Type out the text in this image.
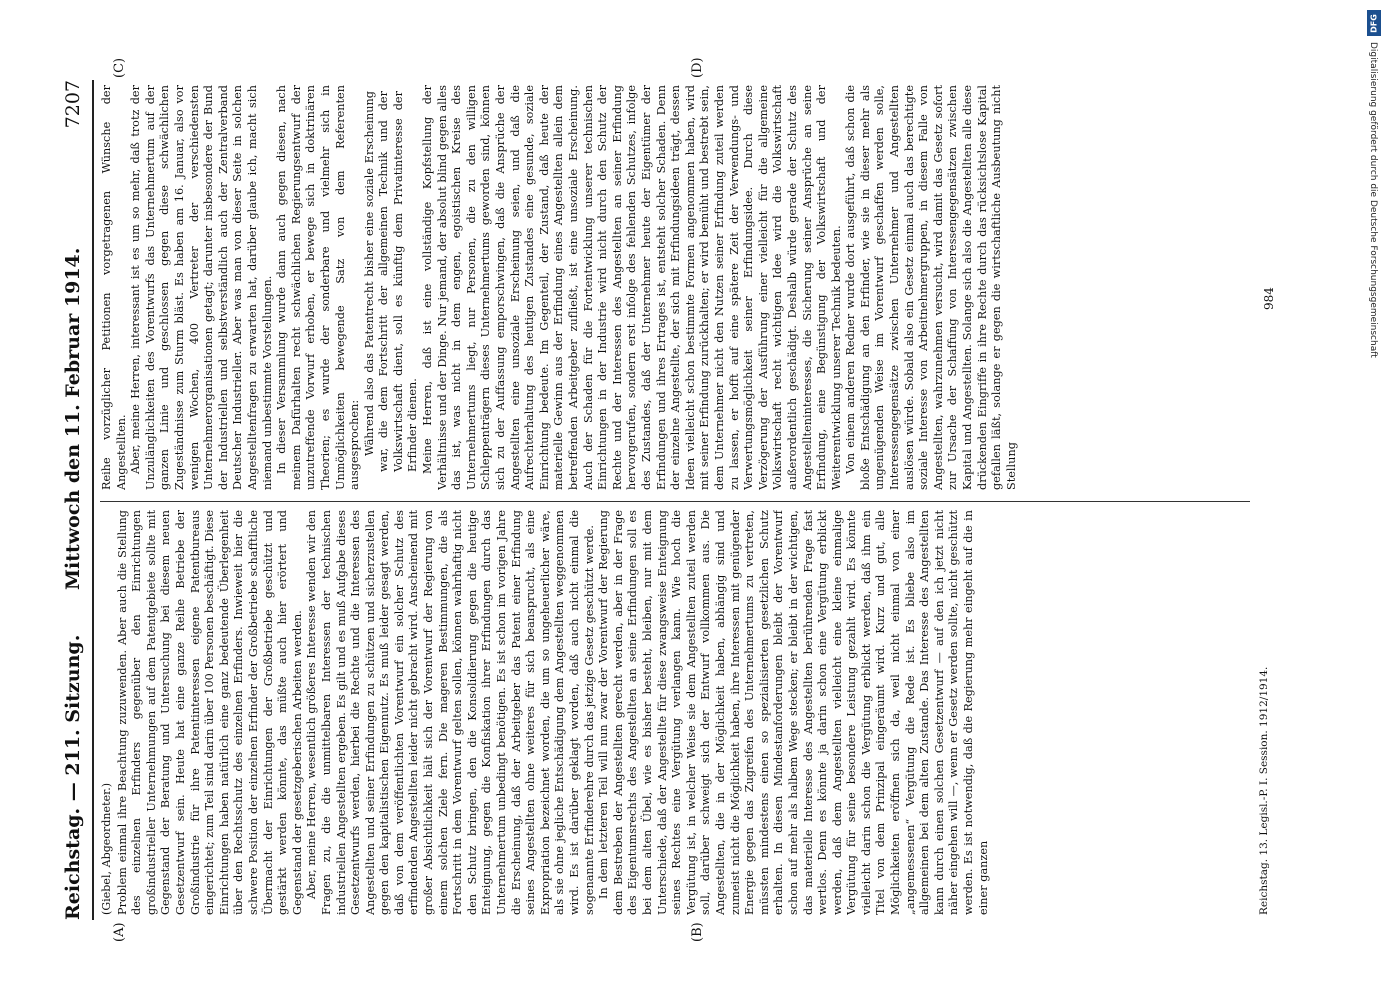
Reichstag. — 211. Sitzung.
Mittwoch den 11. Februar 1914.
7207
(A)	(B)
(C)	(D)
(Giebel, Abgeordneter.) Problem einmal ihre Beachtung zuzuwenden. Aber auch die Stellung des einzelnen Erfinders gegenüber den Einrichtungen großindustrieller Unternehmungen auf dem Patentgebiete sollte mit Gegenstand der Beratung und Untersuchung bei diesem neuen Gesetzentwurf sein. Heute hat eine ganze Reihe Betriebe der Großindustrie für ihre Patentinteressen eigene Patentbureaus eingerichtet; zum Teil sind darin über 100 Personen beschäftigt. Diese Einrichtungen haben natürlich eine ganz bedeutende Überlegenheit über den Rechtsschutz des einzelnen Erfinders. Inwieweit hier die schwere Position der einzelnen Erfinder der Großbetriebe schafftliche Übermacht der Einrichtungen der Großbetriebe geschützt und gestärkt werden könnte, das müßte auch hier erörtert und Gegenstand der gesetzgeberischen Arbeiten werden. Aber, meine Herren, wesentlich größeres Interesse wenden wir den Fragen zu, die die unmittelbaren Interessen der technischen industriellen Angestellten ergeben. Es gilt und es muß Aufgabe dieses Gesetzentwurfs werden, hierbei die Rechte und die Interessen des Angestellten und seiner Erfindungen zu schützen und sicherzustellen gegen den kapitalistischen Eigennutz. Es muß leider gesagt werden, daß von dem veröffentlichten Vorentwurf ein solcher Schutz des erfindenden Angestellten leider nicht gebracht wird. Anscheinend mit großer Absichtlichkeit hält sich der Vorentwurf der Regierung von einem solchen Ziele fern. Die mageren Bestimmungen, die als Fortschritt in dem Vorentwurf gelten sollen, können wahrhaftig nicht den Schutz bringen, den die Konsolidierung gegen die heutige Enteignung, gegen die Konfiskation ihrer Erfindungen durch das Unternehmertum unbedingt benötigen. Es ist schon im vorigen Jahre die Erscheinung, daß der Arbeitgeber das Patent einer Erfindung seines Angestellten ohne weiteres für sich beansprucht, als eine Expropriation bezeichnet worden, die um so ungeheuerlicher wäre, als sie ohne jegliche Entschädigung dem Angestellten weggenommen wird. Es ist darüber geklagt worden, daß auch nicht einmal die sogenannte Erfinderehre durch das jetzige Gesetz geschützt werde. In dem letzteren Teil will nun zwar der Vorentwurf der Regierung dem Bestreben der Angestellten gerecht werden, aber in der Frage des Eigentumsrechts des Angestellten an seine Erfindungen soll es bei dem alten Übel, wie es bisher besteht, bleiben, nur mit dem Unterschiede, daß der Angestellte für diese zwangsweise Enteignung seines Rechtes eine Vergütung verlangen kann. Wie hoch die Vergütung ist, in welcher Weise sie dem Angestellten zuteil werden soll, darüber schweigt sich der Entwurf vollkommen aus. Die Angestellten, die in der Möglichkeit haben, abhängig sind und zumeist nicht die Möglichkeit haben, ihre Interessen mit genügender Energie gegen das Zugreifen des Unternehmertums zu vertreten, müssten mindestens einen so spezialisierten gesetzlichen Schutz erhalten. In diesen Mindestanforderungen bleibt der Vorentwurf schon auf mehr als halbem Wege stecken; er bleibt in der wichtigen, das materielle Interesse des Angestellten berührenden Frage fast wertlos. Denn es könnte ja darin schon eine Vergütung erblickt werden, daß dem Angestellten vielleicht eine kleine einmalige Vergütung für seine besondere Leistung gezahlt wird. Es könnte vielleicht darin schon die Vergütung erblickt werden, daß ihm ein Titel von dem Prinzipal eingeräumt wird. Kurz und gut, alle Möglichkeiten eröffnen sich da, weil nicht einmal von einer „angemessenen“ Vergütung die Rede ist. Es bliebe also im allgemeinen bei dem alten Zustande. Das Interesse des Angestellten kann durch einen solchen Gesetzentwurf — auf den ich jetzt nicht näher eingehen will —, wenn er Gesetz werden sollte, nicht geschützt werden. Es ist notwendig, daß die Regierung mehr eingeht auf die in einer ganzen

Reihe vorzüglicher Petitionen vorgetragenen Wünsche der Angestellten. Aber, meine Herren, interessant ist es um so mehr, daß trotz der Unzulänglichkeiten des Vorentwurfs das Unternehmertum auf der ganzen Linie und geschlossen gegen diese schwächlichen Zugeständnisse zum Sturm bläst. Es haben am 16. Januar, also vor wenigen Wochen, 400 Vertreter der verschiedensten Unternehmerorganisationen getagt; darunter insbesondere der Bund der Industriellen und selbstverständlich auch der Zentralverband Deutscher Industrieller. Aber was man von dieser Seite in solchen Angestelltenfragen zu erwarten hat, darüber glaube ich, macht sich niemand unbestimmte Vorstellungen. In dieser Versammlung wurde dann auch gegen diesen, nach meinem Dafürhalten recht schwächlichen Regierungsentwurf der unzutreffende Vorwurf erhoben, er bewege sich in doktrinären Theorien; es wurde der sonderbare und vielmehr sich in Unmöglichkeiten bewegende Satz von dem Referenten ausgesprochen: Während also das Patentrecht bisher eine soziale Erscheinung war, die dem Fortschritt der allgemeinen Technik und der Volkswirtschaft dient, soll es künftig dem Privatinteresse der Erfinder dienen. Meine Herren, daß ist eine vollständige Kopfstellung der Verhältnisse und der Dinge. Nur jemand, der absolut blind gegen alles das ist, was nicht in dem engen, egoistischen Kreise des Unternehmertums liegt, nur Personen, die zu den willigen Schleppenträgern dieses Unternehmertums geworden sind, können sich zu der Auffassung emporschwingen, daß die Ansprüche der Angestellten eine unsoziale Erscheinung seien, und daß die Aufrechterhaltung des heutigen Zustandes eine gesunde, soziale Einrichtung bedeute. Im Gegenteil, der Zustand, daß heute der materielle Gewinn aus der Erfindung eines Angestellten allein dem betreffenden Arbeitgeber zufließt, ist eine unsoziale Erscheinung. Auch der Schaden für die Fortentwicklung unserer technischen Einrichtungen in der Industrie wird nicht durch den Schutz der Rechte und der Interessen des Angestellten an seiner Erfindung hervorgerufen, sondern erst infolge des fehlenden Schutzes, infolge des Zustandes, daß der Unternehmer heute der Eigentümer der Erfindungen und ihres Ertrages ist, entsteht solcher Schaden. Denn der einzelne Angestellte, der sich mit Erfindungsideen trägt, dessen Ideen vielleicht schon bestimmte Formen angenommen haben, wird mit seiner Erfindung zurückhalten; er wird bemüht und bestrebt sein, dem Unternehmer nicht den Nutzen seiner Erfindung zuteil werden zu lassen, er hofft auf eine spätere Zeit der Verwendungs- und Verwertungsmöglichkeit seiner Erfindungsidee. Durch diese Verzögerung der Ausführung einer vielleicht für die allgemeine Volkswirtschaft recht wichtigen Idee wird die Volkswirtschaft außerordentlich geschädigt. Deshalb würde gerade der Schutz des Angestellteninteresses, die Sicherung seiner Ansprüche an seine Erfindung, eine Begünstigung der Volkswirtschaft und der Weiterentwicklung unserer Technik bedeuten. Von einem anderen Redner wurde dort ausgeführt, daß schon die bloße Entschädigung an den Erfinder, wie sie in dieser mehr als ungenügenden Weise im Vorentwurf geschaffen werden solle, Interessengegensätze zwischen Unternehmer und Angestellten auslösen würde. Sobald also ein Gesetz einmal auch das berechtigte soziale Interesse von Arbeitnehmergruppen, in diesem Falle von Angestellten, wahrzunehmen versucht, wird damit das Gesetz sofort zur Ursache der Schaffung von Interessengegensätzen zwischen Kapital und Angestellten. Solange sich also die Angestellten alle diese drückenden Eingriffe in ihre Rechte durch das rücksichtslose Kapital gefallen läßt, solange er gegen die wirtschaftliche Ausbeutung nicht Stellung

Reichstag. 13. Legisl.-P. I. Session. 1912/1914.
984
DFG
Digitalisierung gefördert durch die Deutsche Forschungsgemeinschaft
